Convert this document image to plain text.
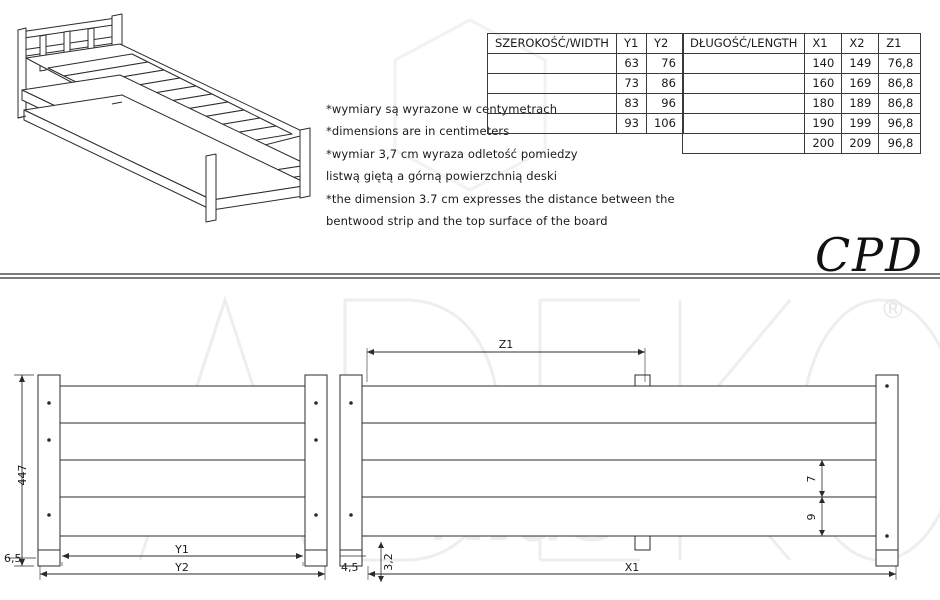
®
*wymiary są wyrazone w centymetrach
*dimensions are in centimeters
*wymiar 3,7 cm wyraza odletość pomiedzy
listwą giętą a górną powierzchnią deski
*the dimension 3.7 cm expresses the distance between the
bentwood strip and the top surface of the board
SZEROKOŚĆ/WIDTH	Y1	Y2
	63	76
	73	86
	83	96
	93	106
DŁUGOŚĆ/LENGTH	X1	X2	Z1
	140	149	76,8
	160	169	86,8
	180	189	86,8
	190	199	96,8
	200	209	96,8
CPD
447
6,5
Y1
Y2
Z1
X1
4,5 3,2
7
9
